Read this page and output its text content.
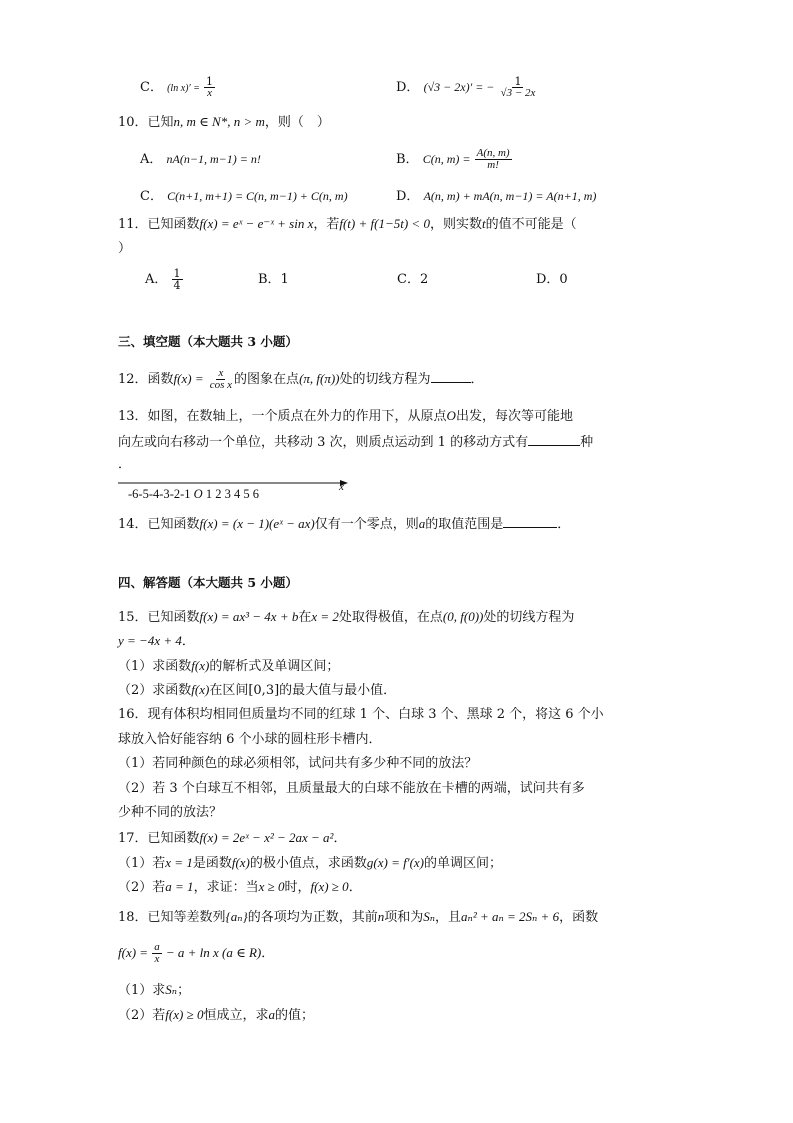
C． (ln $x)' = \frac{1}{x}$	D． (√3 − 2x)′ = − $\frac{1}{√3 - 2x}$
10．已知n, m ∈ N*, n > m，则（　）
A． nA(n−1, m−1) = n!	B． C(n, $m) = \frac{A(n, m)}{m!}$
C． C(n+1, m+1) = C(n, m−1) + C(n, m)	D． A(n, m) + mA(n, m−1) = A(n+1, m)
11．已知函数f(x) = eˣ − e⁻ˣ + sin x，若f(t) + f(1−5t) < 0，则实数t的值不可能是（
）
A． $\frac{1}{4}$	B．1	C．2	D．0
三、填空题（本大题共 3 小题）
12．函数$f(x) = \frac{x}{\text{cos x}}$ 的图象在点(π, f(π))处的切线方程为	．
13．如图，在数轴上，一个质点在外力的作用下，从原点O出发，每次等可能地
向左或向右移动一个单位，共移动 3 次，则质点运动到 1 的移动方式有	种
．
-6-5-4-3-2-1 O 1 2 3 4 5 6	x
14．已知函数f(x) = (x − 1)(eˣ − ax)仅有一个零点，则a的取值范围是	．
四、解答题（本大题共 5 小题）
15．已知函数f(x) = ax³ − 4x + b在x = 2处取得极值，在点(0, f(0))处的切线方程为
y = −4x + 4．
（1）求函数f(x)的解析式及单调区间；
（2）求函数f(x)在区间[0,3]的最大值与最小值．
16．现有体积均相同但质量均不同的红球 1 个、白球 3 个、黑球 2 个，将这 6 个小
球放入恰好能容纳 6 个小球的圆柱形卡槽内．
（1）若同种颜色的球必须相邻，试问共有多少种不同的放法？
（2）若 3 个白球互不相邻，且质量最大的白球不能放在卡槽的两端，试问共有多
少种不同的放法？
17．已知函数f(x) = 2eˣ − x² − 2ax − a²．
（1）若x = 1是函数f(x)的极小值点，求函数g(x) = f′(x)的单调区间；
（2）若a = 1，求证：当x ≥ 0时，f(x) ≥ 0．
18．已知等差数列{aₙ}的各项均为正数，其前n项和为Sₙ，且aₙ² + aₙ = 2Sₙ + 6，函数
$f(x) = \frac{a}{x} - a + \ln x$ (a ∈ R)．
（1）求Sₙ；
（2）若f(x) ≥ 0恒成立，求a的值；
